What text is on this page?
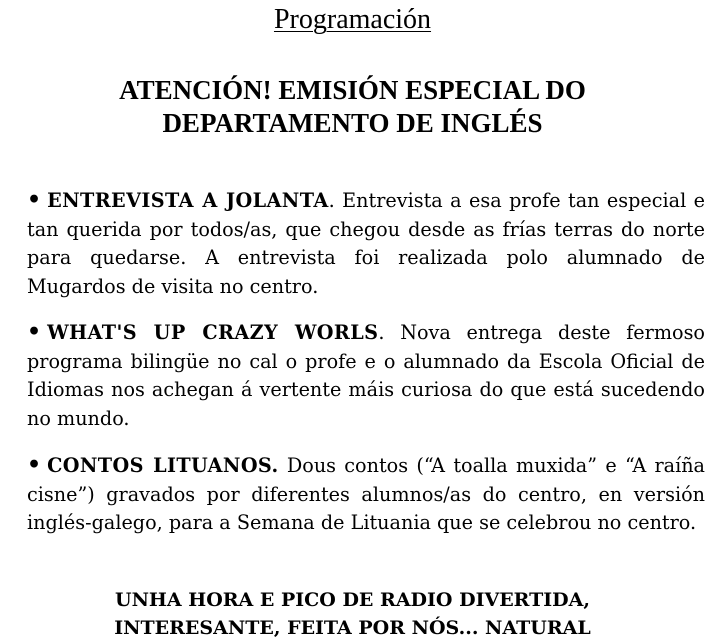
Programación
ATENCIÓN! EMISIÓN ESPECIAL DO
DEPARTAMENTO DE INGLÉS
• ENTREVISTA A JOLANTA. Entrevista a esa profe tan especial e tan querida por todos/as, que chegou desde as frías terras do norte para quedarse. A entrevista foi realizada polo alumnado de Mugardos de visita no centro.
• WHAT'S UP CRAZY WORLS. Nova entrega deste fermoso programa bilingüe no cal o profe e o alumnado da Escola Oficial de Idiomas nos achegan á vertente máis curiosa do que está sucedendo no mundo.
• CONTOS LITUANOS. Dous contos (“A toalla muxida” e “A raíña cisne”) gravados por diferentes alumnos/as do centro, en versión inglés-galego, para a Semana de Lituania que se celebrou no centro.
UNHA HORA E PICO DE RADIO DIVERTIDA,
INTERESANTE, FEITA POR NÓS... NATURAL
